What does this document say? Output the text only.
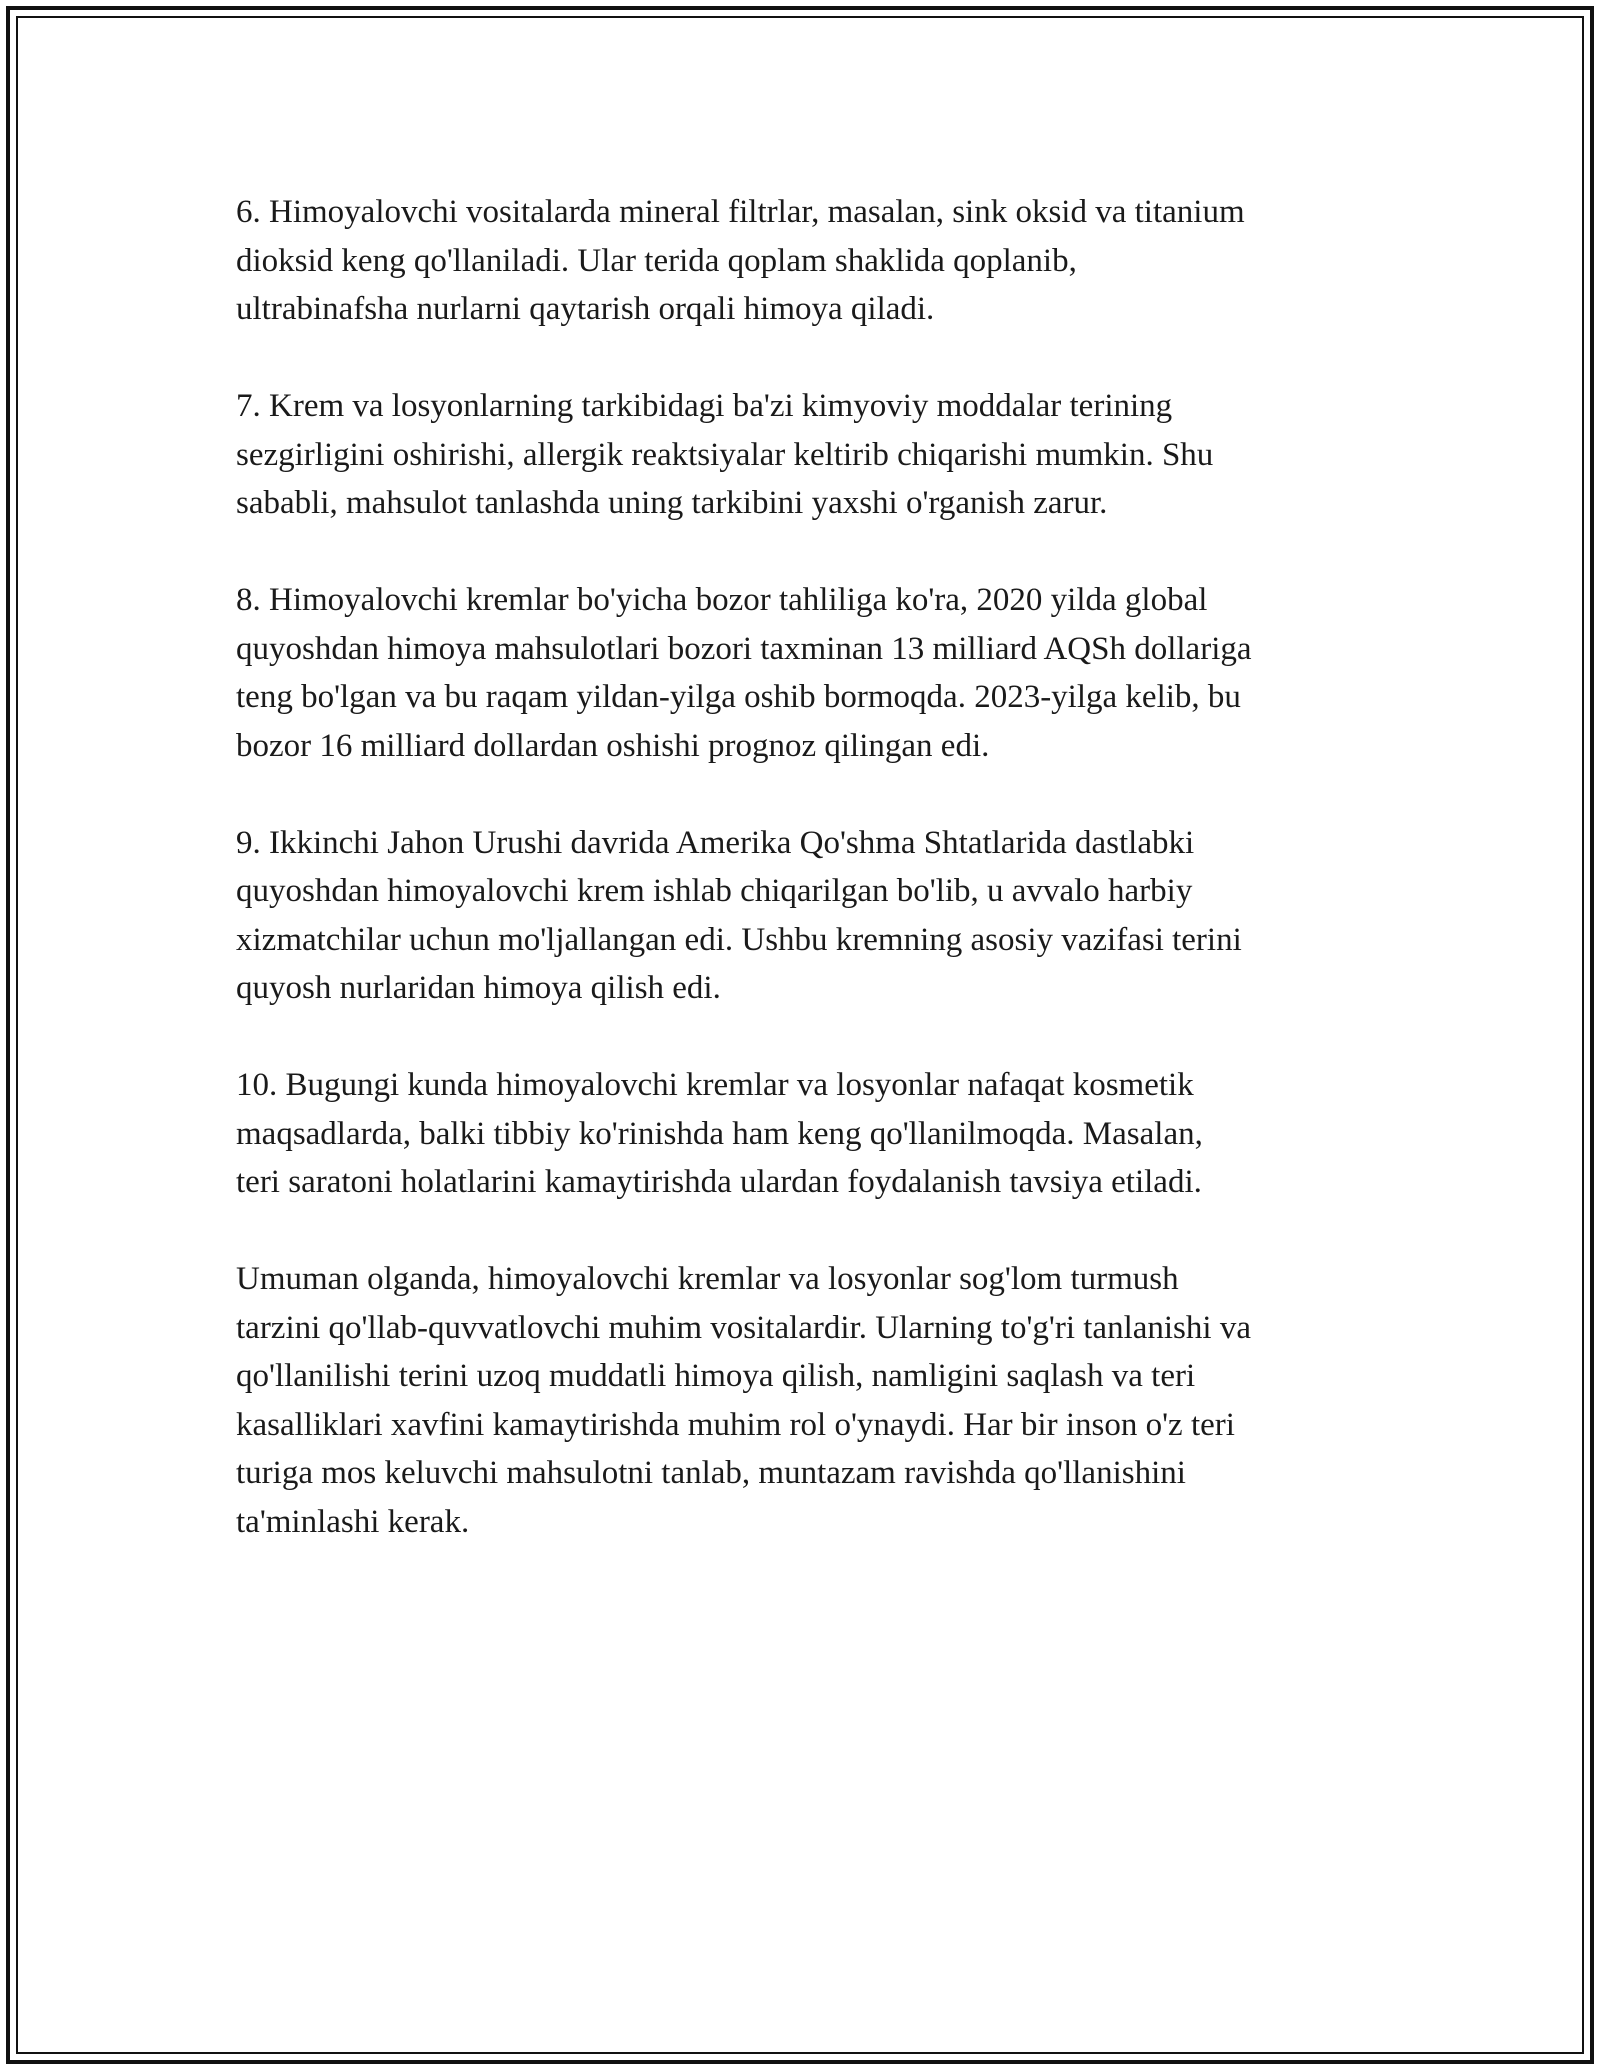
6. Himoyalovchi vositalarda mineral filtrlar, masalan, sink oksid va titanium
dioksid keng qo'llaniladi. Ular terida qoplam shaklida qoplanib,
ultrabinafsha nurlarni qaytarish orqali himoya qiladi.

7. Krem va losyonlarning tarkibidagi ba'zi kimyoviy moddalar terining
sezgirligini oshirishi, allergik reaktsiyalar keltirib chiqarishi mumkin. Shu
sababli, mahsulot tanlashda uning tarkibini yaxshi o'rganish zarur.

8. Himoyalovchi kremlar bo'yicha bozor tahliliga ko'ra, 2020 yilda global
quyoshdan himoya mahsulotlari bozori taxminan 13 milliard AQSh dollariga
teng bo'lgan va bu raqam yildan-yilga oshib bormoqda. 2023-yilga kelib, bu
bozor 16 milliard dollardan oshishi prognoz qilingan edi.

9. Ikkinchi Jahon Urushi davrida Amerika Qo'shma Shtatlarida dastlabki
quyoshdan himoyalovchi krem ishlab chiqarilgan bo'lib, u avvalo harbiy
xizmatchilar uchun mo'ljallangan edi. Ushbu kremning asosiy vazifasi terini
quyosh nurlaridan himoya qilish edi.

10. Bugungi kunda himoyalovchi kremlar va losyonlar nafaqat kosmetik
maqsadlarda, balki tibbiy ko'rinishda ham keng qo'llanilmoqda. Masalan,
teri saratoni holatlarini kamaytirishda ulardan foydalanish tavsiya etiladi.

Umuman olganda, himoyalovchi kremlar va losyonlar sog'lom turmush
tarzini qo'llab-quvvatlovchi muhim vositalardir. Ularning to'g'ri tanlanishi va
qo'llanilishi terini uzoq muddatli himoya qilish, namligini saqlash va teri
kasalliklari xavfini kamaytirishda muhim rol o'ynaydi. Har bir inson o'z teri
turiga mos keluvchi mahsulotni tanlab, muntazam ravishda qo'llanishini
ta'minlashi kerak.
